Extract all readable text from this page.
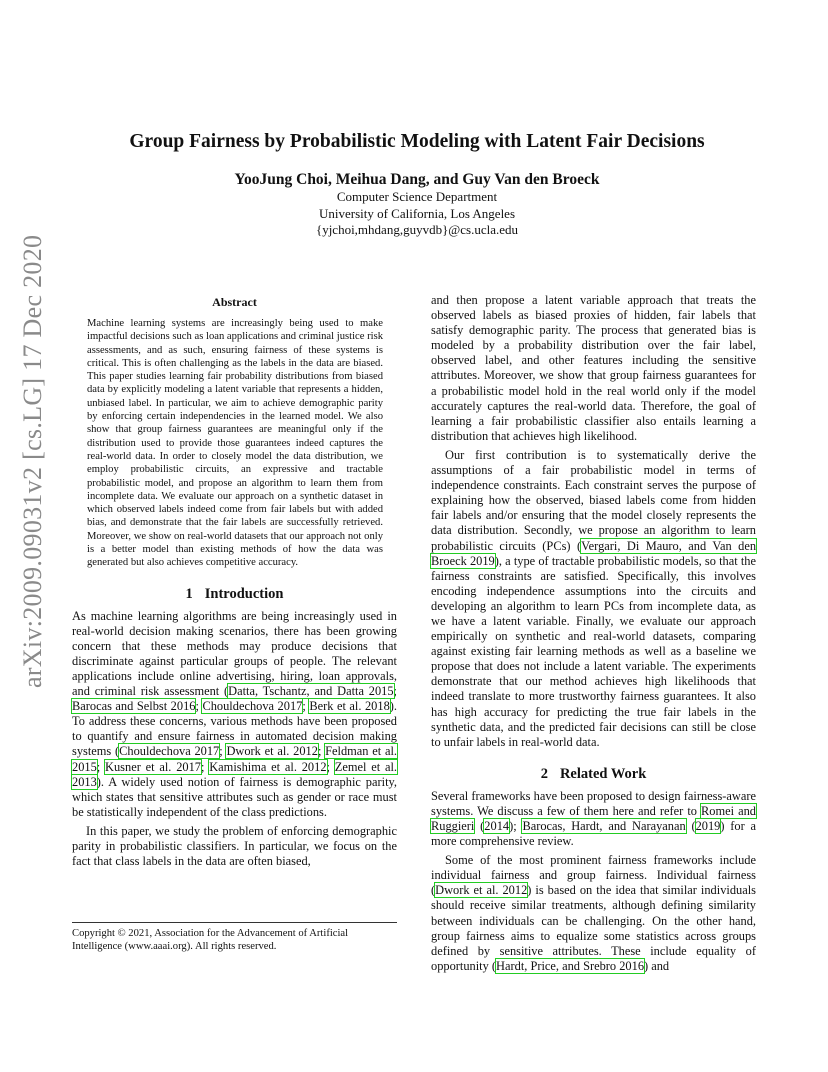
arXiv:2009.09031v2 [cs.LG] 17 Dec 2020
Group Fairness by Probabilistic Modeling with Latent Fair Decisions
YooJung Choi, Meihua Dang, and Guy Van den Broeck
Computer Science Department
University of California, Los Angeles
{yjchoi,mhdang,guyvdb}@cs.ucla.edu
Abstract

Machine learning systems are increasingly being used to make impactful decisions such as loan applications and criminal justice risk assessments, and as such, ensuring fairness of these systems is critical. This is often challenging as the labels in the data are biased. This paper studies learning fair probability distributions from biased data by explicitly modeling a latent variable that represents a hidden, unbiased label. In particular, we aim to achieve demographic parity by enforcing certain independencies in the learned model. We also show that group fairness guarantees are meaningful only if the distribution used to provide those guarantees indeed captures the real-world data. In order to closely model the data distribution, we employ probabilistic circuits, an expressive and tractable probabilistic model, and propose an algorithm to learn them from incomplete data. We evaluate our approach on a synthetic dataset in which observed labels indeed come from fair labels but with added bias, and demonstrate that the fair labels are successfully retrieved. Moreover, we show on real-world datasets that our approach not only is a better model than existing methods of how the data was generated but also achieves competitive accuracy.

1 Introduction

As machine learning algorithms are being increasingly used in real-world decision making scenarios, there has been growing concern that these methods may produce decisions that discriminate against particular groups of people. The relevant applications include online advertising, hiring, loan approvals, and criminal risk assessment (Datta, Tschantz, and Datta 2015; Barocas and Selbst 2016; Chouldechova 2017; Berk et al. 2018). To address these concerns, various methods have been proposed to quantify and ensure fairness in automated decision making systems (Chouldechova 2017; Dwork et al. 2012; Feldman et al. 2015; Kusner et al. 2017; Kamishima et al. 2012; Zemel et al. 2013). A widely used notion of fairness is demographic parity, which states that sensitive attributes such as gender or race must be statistically independent of the class predictions.

In this paper, we study the problem of enforcing demographic parity in probabilistic classifiers. In particular, we focus on the fact that class labels in the data are often biased,

Copyright © 2021, Association for the Advancement of Artificial Intelligence (www.aaai.org). All rights reserved.

and then propose a latent variable approach that treats the observed labels as biased proxies of hidden, fair labels that satisfy demographic parity. The process that generated bias is modeled by a probability distribution over the fair label, observed label, and other features including the sensitive attributes. Moreover, we show that group fairness guarantees for a probabilistic model hold in the real world only if the model accurately captures the real-world data. Therefore, the goal of learning a fair probabilistic classifier also entails learning a distribution that achieves high likelihood.

Our first contribution is to systematically derive the assumptions of a fair probabilistic model in terms of independence constraints. Each constraint serves the purpose of explaining how the observed, biased labels come from hidden fair labels and/or ensuring that the model closely represents the data distribution. Secondly, we propose an algorithm to learn probabilistic circuits (PCs) (Vergari, Di Mauro, and Van den Broeck 2019), a type of tractable probabilistic models, so that the fairness constraints are satisfied. Specifically, this involves encoding independence assumptions into the circuits and developing an algorithm to learn PCs from incomplete data, as we have a latent variable. Finally, we evaluate our approach empirically on synthetic and real-world datasets, comparing against existing fair learning methods as well as a baseline we propose that does not include a latent variable. The experiments demonstrate that our method achieves high likelihoods that indeed translate to more trustworthy fairness guarantees. It also has high accuracy for predicting the true fair labels in the synthetic data, and the predicted fair decisions can still be close to unfair labels in real-world data.

2 Related Work

Several frameworks have been proposed to design fairness-aware systems. We discuss a few of them here and refer to Romei and Ruggieri (2014); Barocas, Hardt, and Narayanan (2019) for a more comprehensive review.

Some of the most prominent fairness frameworks include individual fairness and group fairness. Individual fairness (Dwork et al. 2012) is based on the idea that similar individuals should receive similar treatments, although defining similarity between individuals can be challenging. On the other hand, group fairness aims to equalize some statistics across groups defined by sensitive attributes. These include equality of opportunity (Hardt, Price, and Srebro 2016) and
